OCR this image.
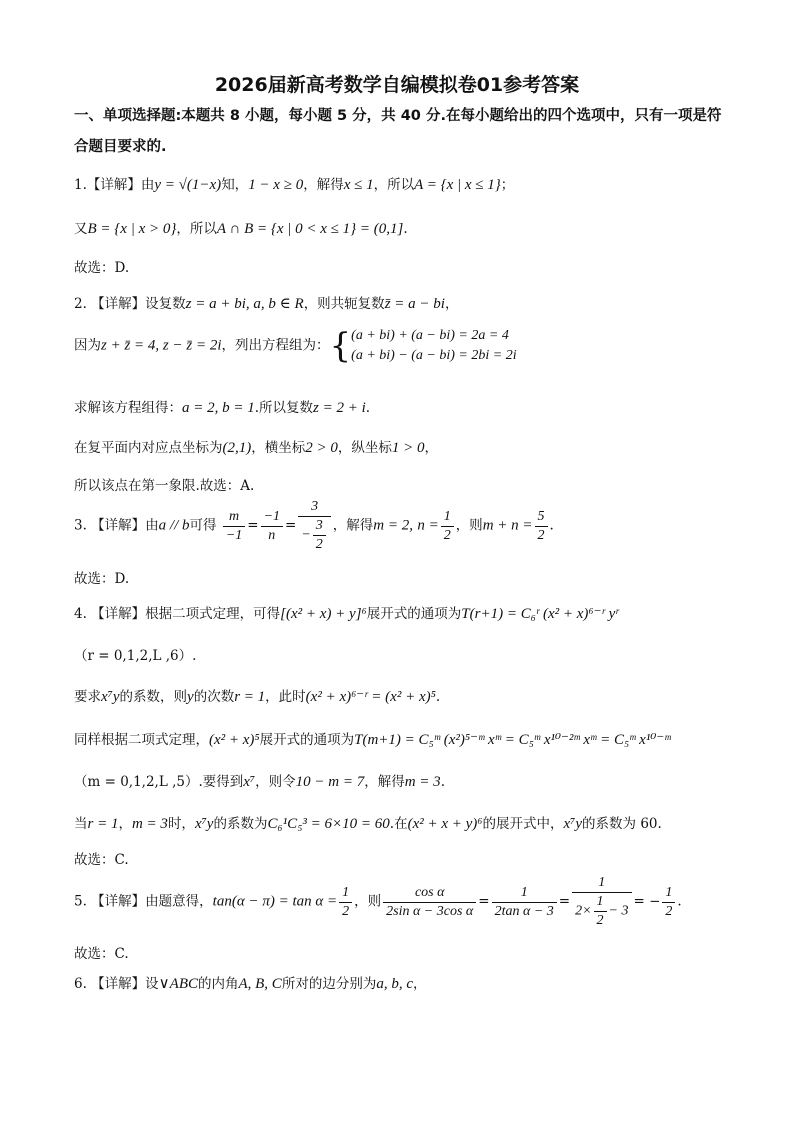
2026届新高考数学自编模拟卷01参考答案
一、单项选择题:本题共 8 小题，每小题 5 分，共 40 分.在每小题给出的四个选项中，只有一项是符合题目要求的.
1.【详解】由y = √(1−x)知，1 − x ≥ 0，解得x ≤ 1，所以A = {x | x ≤ 1}；
又B = {x | x > 0}，所以A ∩ B = {x | 0 < x ≤ 1} = (0,1].
故选：D.
2. 【详解】设复数z = a + bi, a, b ∈ R，则共轭复数z̄ = a − bi，
因为z + z̄ = 4, z − z̄ = 2i，列出方程组为：{(a + bi) + (a − bi) = 2a = 4
(a + bi) − (a − bi) = 2bi = 2i
求解该方程组得：a = 2, b = 1.所以复数z = 2 + i.
在复平面内对应点坐标为(2,1)，横坐标2 > 0，纵坐标1 > 0，
所以该点在第一象限.故选：A.
3. 【详解】由a // b可得 $\frac{m}{-1} = \frac{-1}{n} = \frac{3}{- \frac{3}{2}}$ ，解得m = 2, $n = \frac{1}{2}$ ，则$m + n = \frac{5}{2}$ .
故选：D.
4. 【详解】根据二项式定理，可得[(x² + x) + y]⁶展开式的通项为T(r+1) = C₆ʳ (x² + x)⁶⁻ʳ yʳ
（r = 0,1,2,L ,6）.
要求x⁷y的系数，则y的次数r = 1，此时(x² + x)⁶⁻ʳ = (x² + x)⁵.
同样根据二项式定理，(x² + x)⁵展开式的通项为T(m+1) = C₅ᵐ (x²)⁵⁻ᵐ xᵐ = C₅ᵐ x¹⁰⁻²ᵐ xᵐ = C₅ᵐ x¹⁰⁻ᵐ
（m = 0,1,2,L ,5）.要得到x⁷，则令10 − m = 7，解得m = 3.
当r = 1，m = 3时，x⁷y的系数为C₆¹C₅³ = 6×10 = 60.在(x² + x + y)⁶的展开式中，x⁷y的系数为 60.
故选：C.
5. 【详解】由题意得，$\tan(\alpha - \pi) = \tan \alpha = \frac{1}{2}$ ，则 $\frac{\text{cos α}}{\text{2sin α − 3cos α}} = \frac{1}{\text{2tan α − 3}} = \frac{1}{2\times \frac{1}{2} - 3}$ = − $\frac{1}{2}$ .
故选：C.
6. 【详解】设∨ABC的内角A, B, C所对的边分别为a, b, c，
